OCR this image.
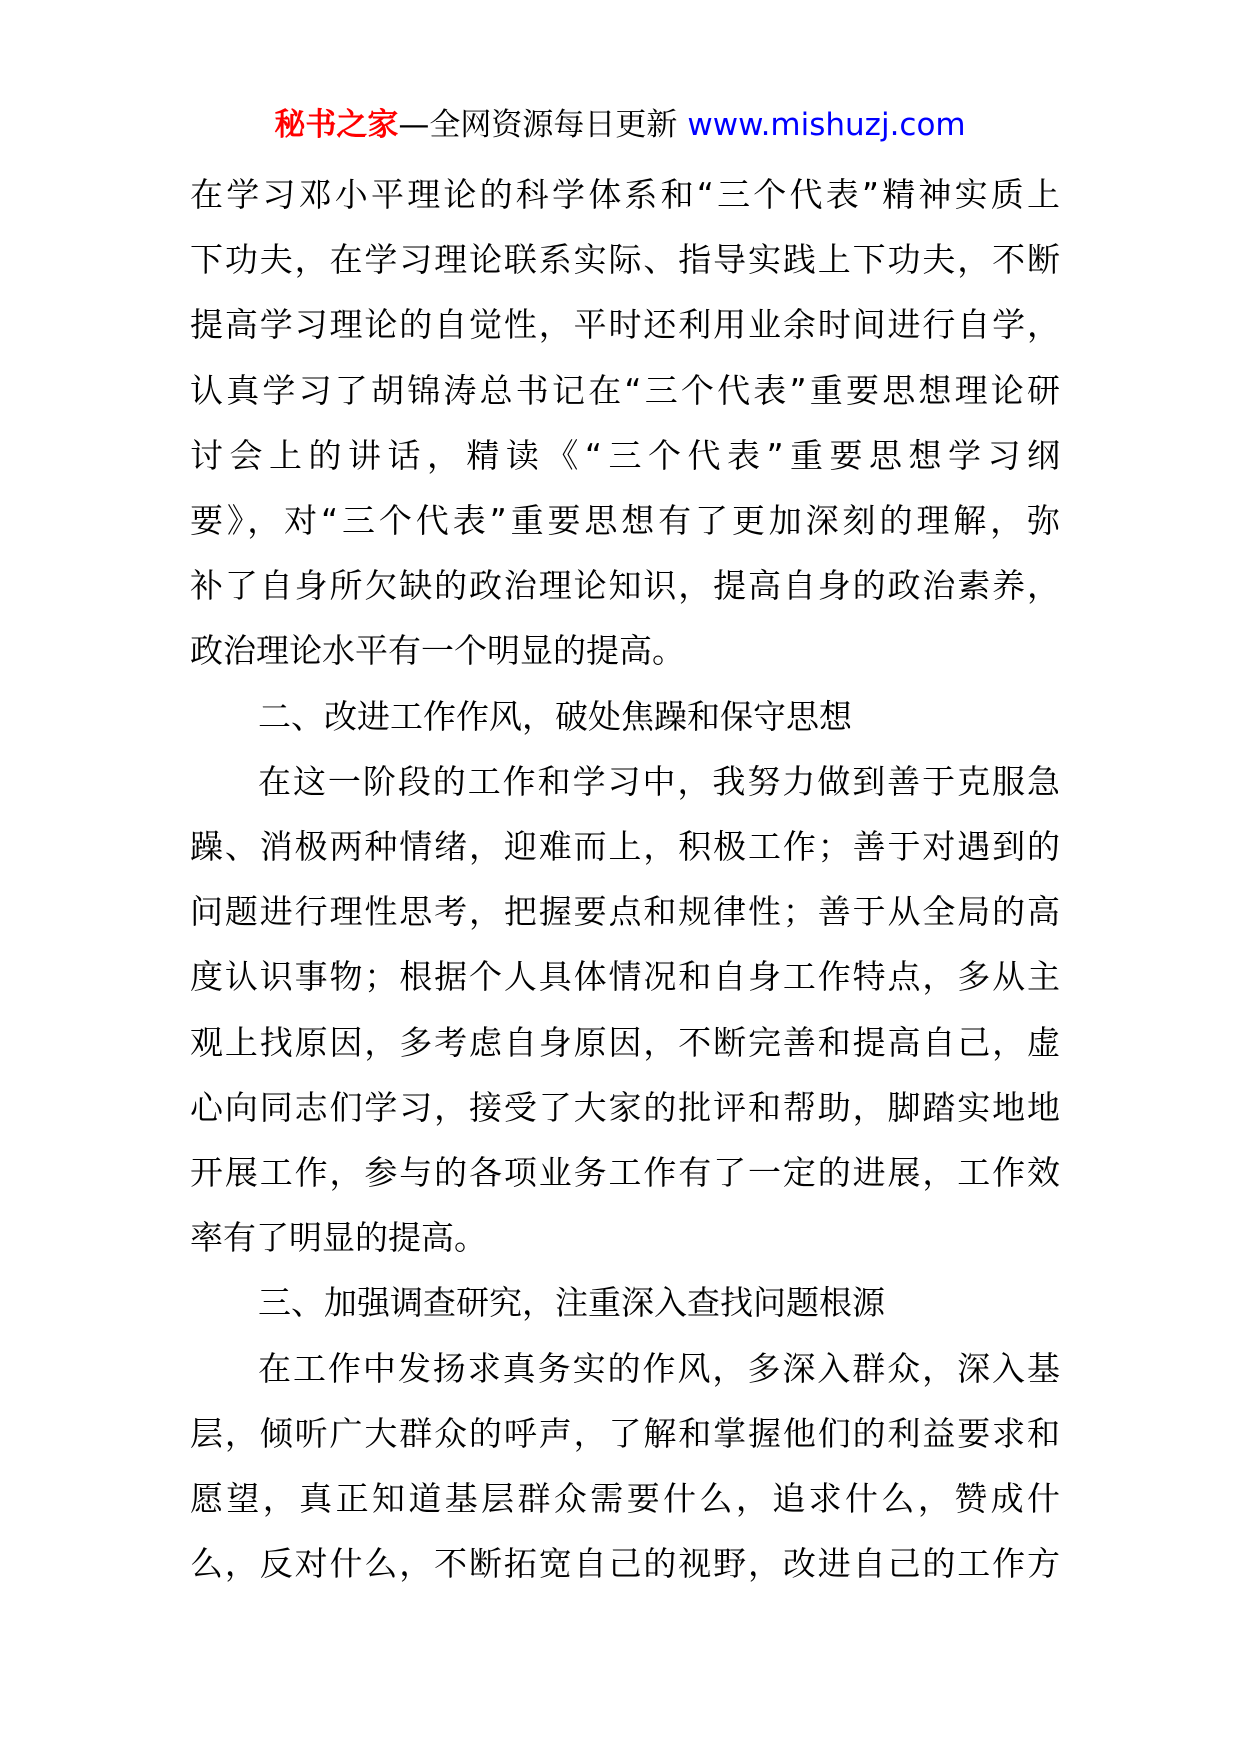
秘书之家—全网资源每日更新 www.mishuzj.com
在学习邓小平理论的科学体系和“三个代表”精神实质上
下功夫，在学习理论联系实际、指导实践上下功夫，不断
提高学习理论的自觉性，平时还利用业余时间进行自学，
认真学习了胡锦涛总书记在“三个代表”重要思想理论研
讨会上的讲话，精读《“三个代表”重要思想学习纲
要》，对“三个代表”重要思想有了更加深刻的理解，弥
补了自身所欠缺的政治理论知识，提高自身的政治素养，
政治理论水平有一个明显的提高。
二、改进工作作风，破处焦躁和保守思想
在这一阶段的工作和学习中，我努力做到善于克服急
躁、消极两种情绪，迎难而上，积极工作；善于对遇到的
问题进行理性思考，把握要点和规律性；善于从全局的高
度认识事物；根据个人具体情况和自身工作特点，多从主
观上找原因，多考虑自身原因，不断完善和提高自己，虚
心向同志们学习，接受了大家的批评和帮助，脚踏实地地
开展工作，参与的各项业务工作有了一定的进展，工作效
率有了明显的提高。
三、加强调查研究，注重深入查找问题根源
在工作中发扬求真务实的作风，多深入群众，深入基
层，倾听广大群众的呼声，了解和掌握他们的利益要求和
愿望，真正知道基层群众需要什么，追求什么，赞成什
么，反对什么，不断拓宽自己的视野，改进自己的工作方
